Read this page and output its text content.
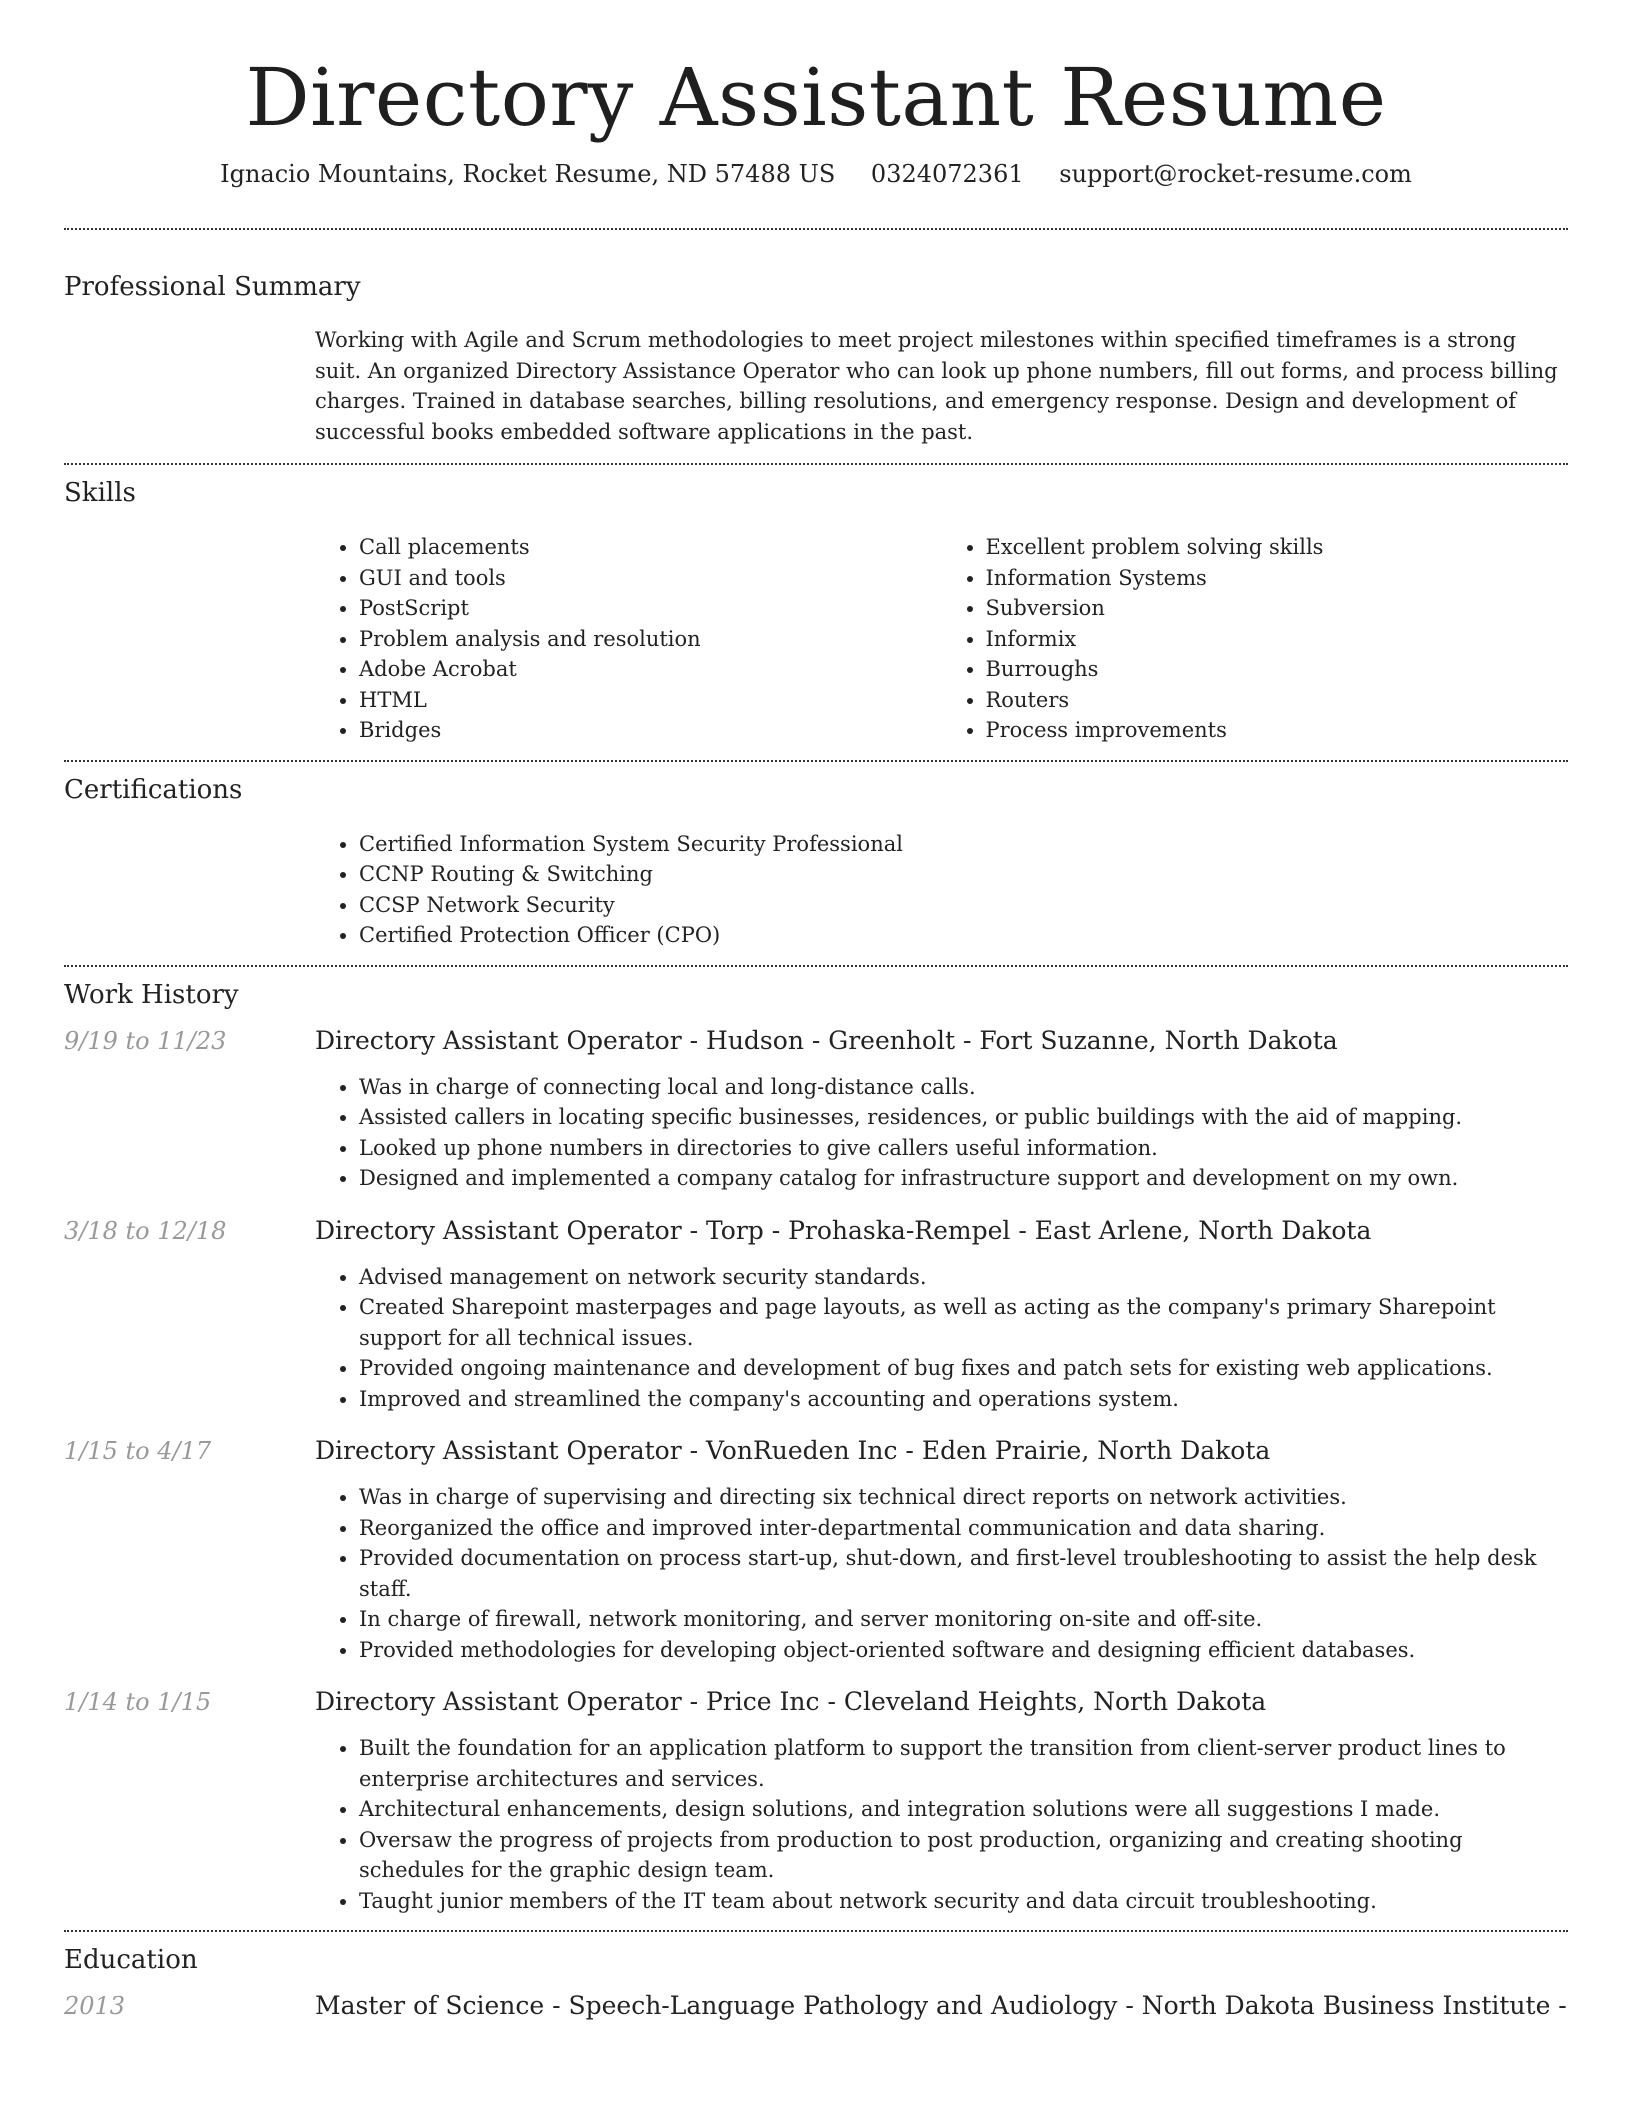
Directory Assistant Resume
Ignacio Mountains, Rocket Resume, ND 57488 US 0324072361 support@rocket-resume.com
Professional Summary
Working with Agile and Scrum methodologies to meet project milestones within specified timeframes is a strong suit. An organized Directory Assistance Operator who can look up phone numbers, fill out forms, and process billing charges. Trained in database searches, billing resolutions, and emergency response. Design and development of successful books embedded software applications in the past.
Skills
• Call placements
• GUI and tools
• PostScript
• Problem analysis and resolution
• Adobe Acrobat
• HTML
• Bridges
• Excellent problem solving skills
• Information Systems
• Subversion
• Informix
• Burroughs
• Routers
• Process improvements
Certifications
• Certified Information System Security Professional
• CCNP Routing & Switching
• CCSP Network Security
• Certified Protection Officer (CPO)
Work History
9/19 to 11/23	Directory Assistant Operator - Hudson - Greenholt - Fort Suzanne, North Dakota
• Was in charge of connecting local and long-distance calls.
• Assisted callers in locating specific businesses, residences, or public buildings with the aid of mapping.
• Looked up phone numbers in directories to give callers useful information.
• Designed and implemented a company catalog for infrastructure support and development on my own.
3/18 to 12/18	Directory Assistant Operator - Torp - Prohaska-Rempel - East Arlene, North Dakota
• Advised management on network security standards.
• Created Sharepoint masterpages and page layouts, as well as acting as the company's primary Sharepoint support for all technical issues.
• Provided ongoing maintenance and development of bug fixes and patch sets for existing web applications.
• Improved and streamlined the company's accounting and operations system.
1/15 to 4/17	Directory Assistant Operator - VonRueden Inc - Eden Prairie, North Dakota
• Was in charge of supervising and directing six technical direct reports on network activities.
• Reorganized the office and improved inter-departmental communication and data sharing.
• Provided documentation on process start-up, shut-down, and first-level troubleshooting to assist the help desk staff.
• In charge of firewall, network monitoring, and server monitoring on-site and off-site.
• Provided methodologies for developing object-oriented software and designing efficient databases.
1/14 to 1/15	Directory Assistant Operator - Price Inc - Cleveland Heights, North Dakota
• Built the foundation for an application platform to support the transition from client-server product lines to enterprise architectures and services.
• Architectural enhancements, design solutions, and integration solutions were all suggestions I made.
• Oversaw the progress of projects from production to post production, organizing and creating shooting schedules for the graphic design team.
• Taught junior members of the IT team about network security and data circuit troubleshooting.
Education
2013	Master of Science - Speech-Language Pathology and Audiology - North Dakota Business Institute -
